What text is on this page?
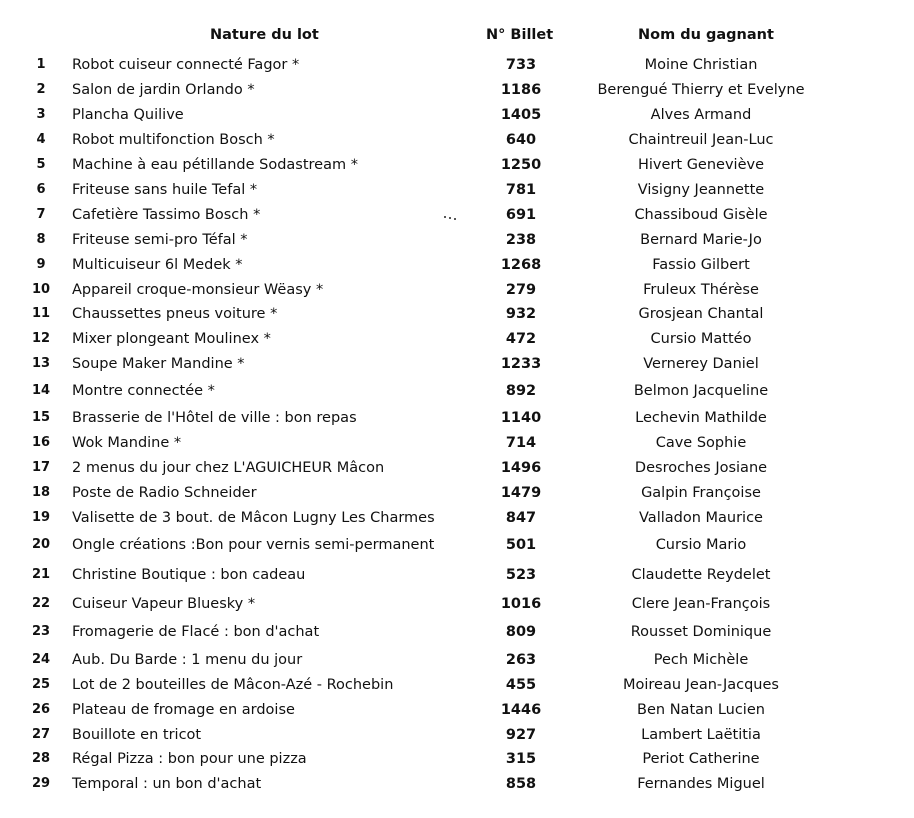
Nature du lot	N° Billet	Nom du gagnant
1	Robot cuiseur connecté Fagor *	733	Moine Christian
2	Salon de jardin Orlando *	1186	Berengué Thierry et Evelyne
3	Plancha Quilive	1405	Alves Armand
4	Robot multifonction Bosch *	640	Chaintreuil Jean-Luc
5	Machine à eau pétillande Sodastream *	1250	Hivert Geneviève
6	Friteuse sans huile Tefal *	781	Visigny Jeannette
7	Cafetière Tassimo Bosch *	691	Chassiboud Gisèle
8	Friteuse semi-pro Téfal *	238	Bernard Marie-Jo
9	Multicuiseur 6l Medek *	1268	Fassio Gilbert
10 Appareil croque-monsieur Wëasy *	279	Fruleux Thérèse
11 Chaussettes pneus voiture *	932	Grosjean Chantal
12 Mixer plongeant Moulinex *	472	Cursio Mattéo
13 Soupe Maker Mandine *	1233	Vernerey Daniel
14 Montre connectée *	892	Belmon Jacqueline
15 Brasserie de l'Hôtel de ville : bon repas	1140	Lechevin Mathilde
16 Wok Mandine *	714	Cave Sophie
17 2 menus du jour chez L'AGUICHEUR Mâcon	1496	Desroches Josiane
18 Poste de Radio Schneider	1479	Galpin Françoise
19 Valisette de 3 bout. de Mâcon Lugny Les Charmes	847	Valladon Maurice
20 Ongle créations :Bon pour vernis semi-permanent	501	Cursio Mario
21 Christine Boutique : bon cadeau	523	Claudette Reydelet
22 Cuiseur Vapeur Bluesky *	1016	Clere Jean-François
23 Fromagerie de Flacé : bon d'achat	809	Rousset Dominique
24 Aub. Du Barde : 1 menu du jour	263	Pech Michèle
25 Lot de 2 bouteilles de Mâcon-Azé - Rochebin	455	Moireau Jean-Jacques
26 Plateau de fromage en ardoise	1446	Ben Natan Lucien
27 Bouillote en tricot	927	Lambert Laëtitia
28 Régal Pizza : bon pour une pizza	315	Periot Catherine
29 Temporal : un bon d'achat	858	Fernandes Miguel
